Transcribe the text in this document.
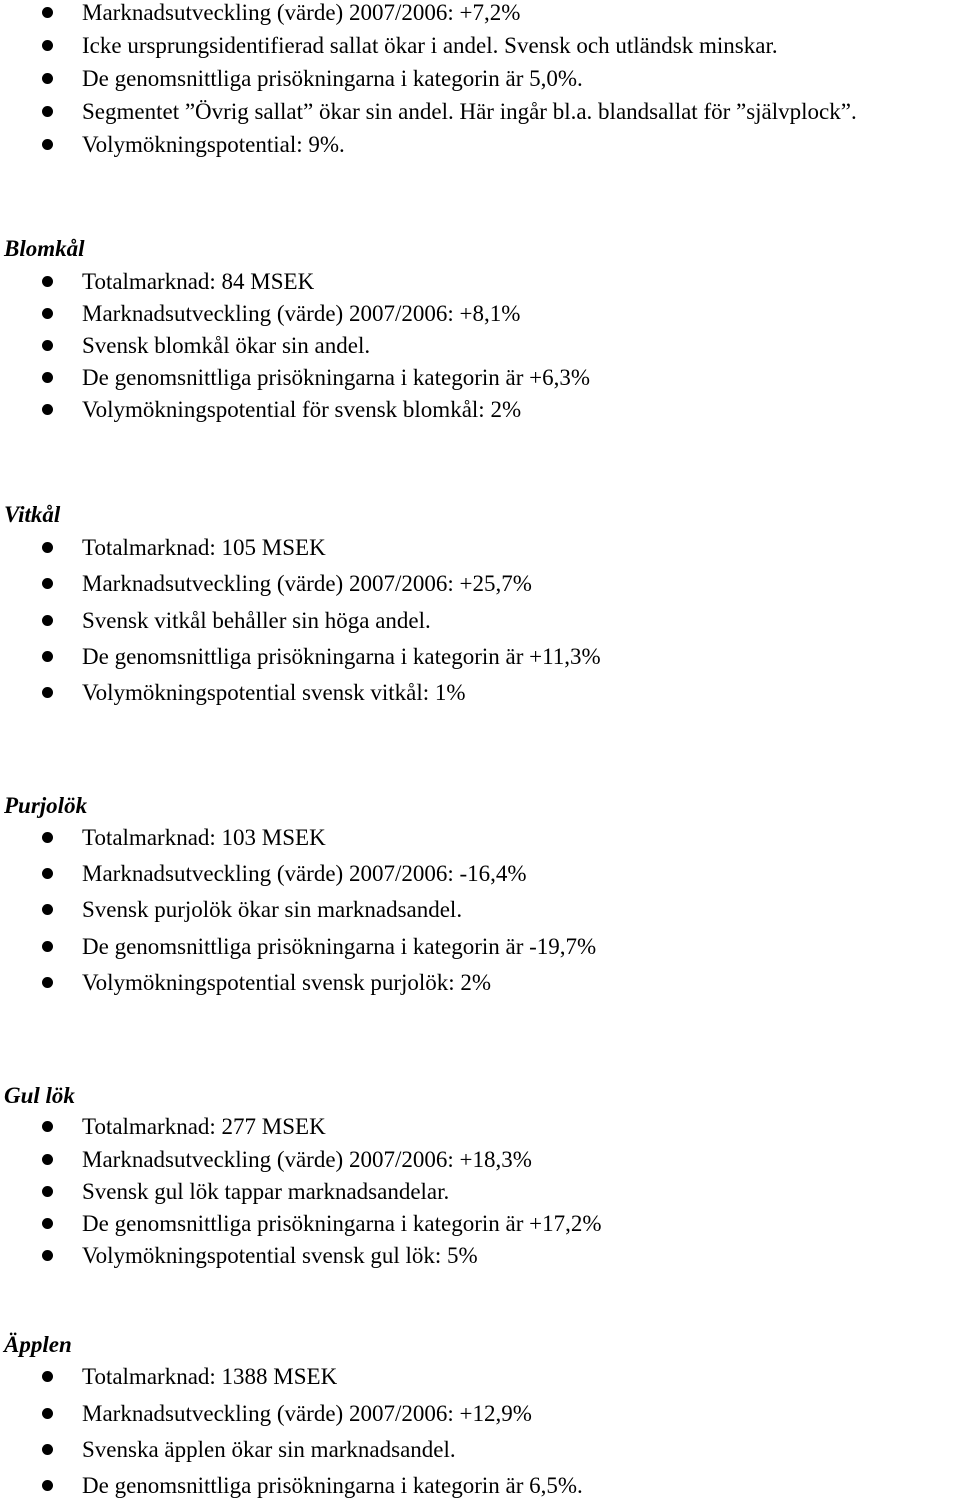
Marknadsutveckling (värde) 2007/2006: +7,2%
Icke ursprungsidentifierad sallat ökar i andel. Svensk och utländsk minskar.
De genomsnittliga prisökningarna i kategorin är 5,0%.
Segmentet ”Övrig sallat” ökar sin andel. Här ingår bl.a. blandsallat för ”självplock”.
Volymökningspotential: 9%.
Blomkål
Totalmarknad: 84 MSEK
Marknadsutveckling (värde) 2007/2006: +8,1%
Svensk blomkål ökar sin andel.
De genomsnittliga prisökningarna i kategorin är +6,3%
Volymökningspotential för svensk blomkål: 2%
Vitkål
Totalmarknad: 105 MSEK
Marknadsutveckling (värde) 2007/2006: +25,7%
Svensk vitkål behåller sin höga andel.
De genomsnittliga prisökningarna i kategorin är +11,3%
Volymökningspotential svensk vitkål: 1%
Purjolök
Totalmarknad: 103 MSEK
Marknadsutveckling (värde) 2007/2006: -16,4%
Svensk purjolök ökar sin marknadsandel.
De genomsnittliga prisökningarna i kategorin är -19,7%
Volymökningspotential svensk purjolök: 2%
Gul lök
Totalmarknad: 277 MSEK
Marknadsutveckling (värde) 2007/2006: +18,3%
Svensk gul lök tappar marknadsandelar.
De genomsnittliga prisökningarna i kategorin är +17,2%
Volymökningspotential svensk gul lök: 5%
Äpplen
Totalmarknad: 1388 MSEK
Marknadsutveckling (värde) 2007/2006: +12,9%
Svenska äpplen ökar sin marknadsandel.
De genomsnittliga prisökningarna i kategorin är 6,5%.
